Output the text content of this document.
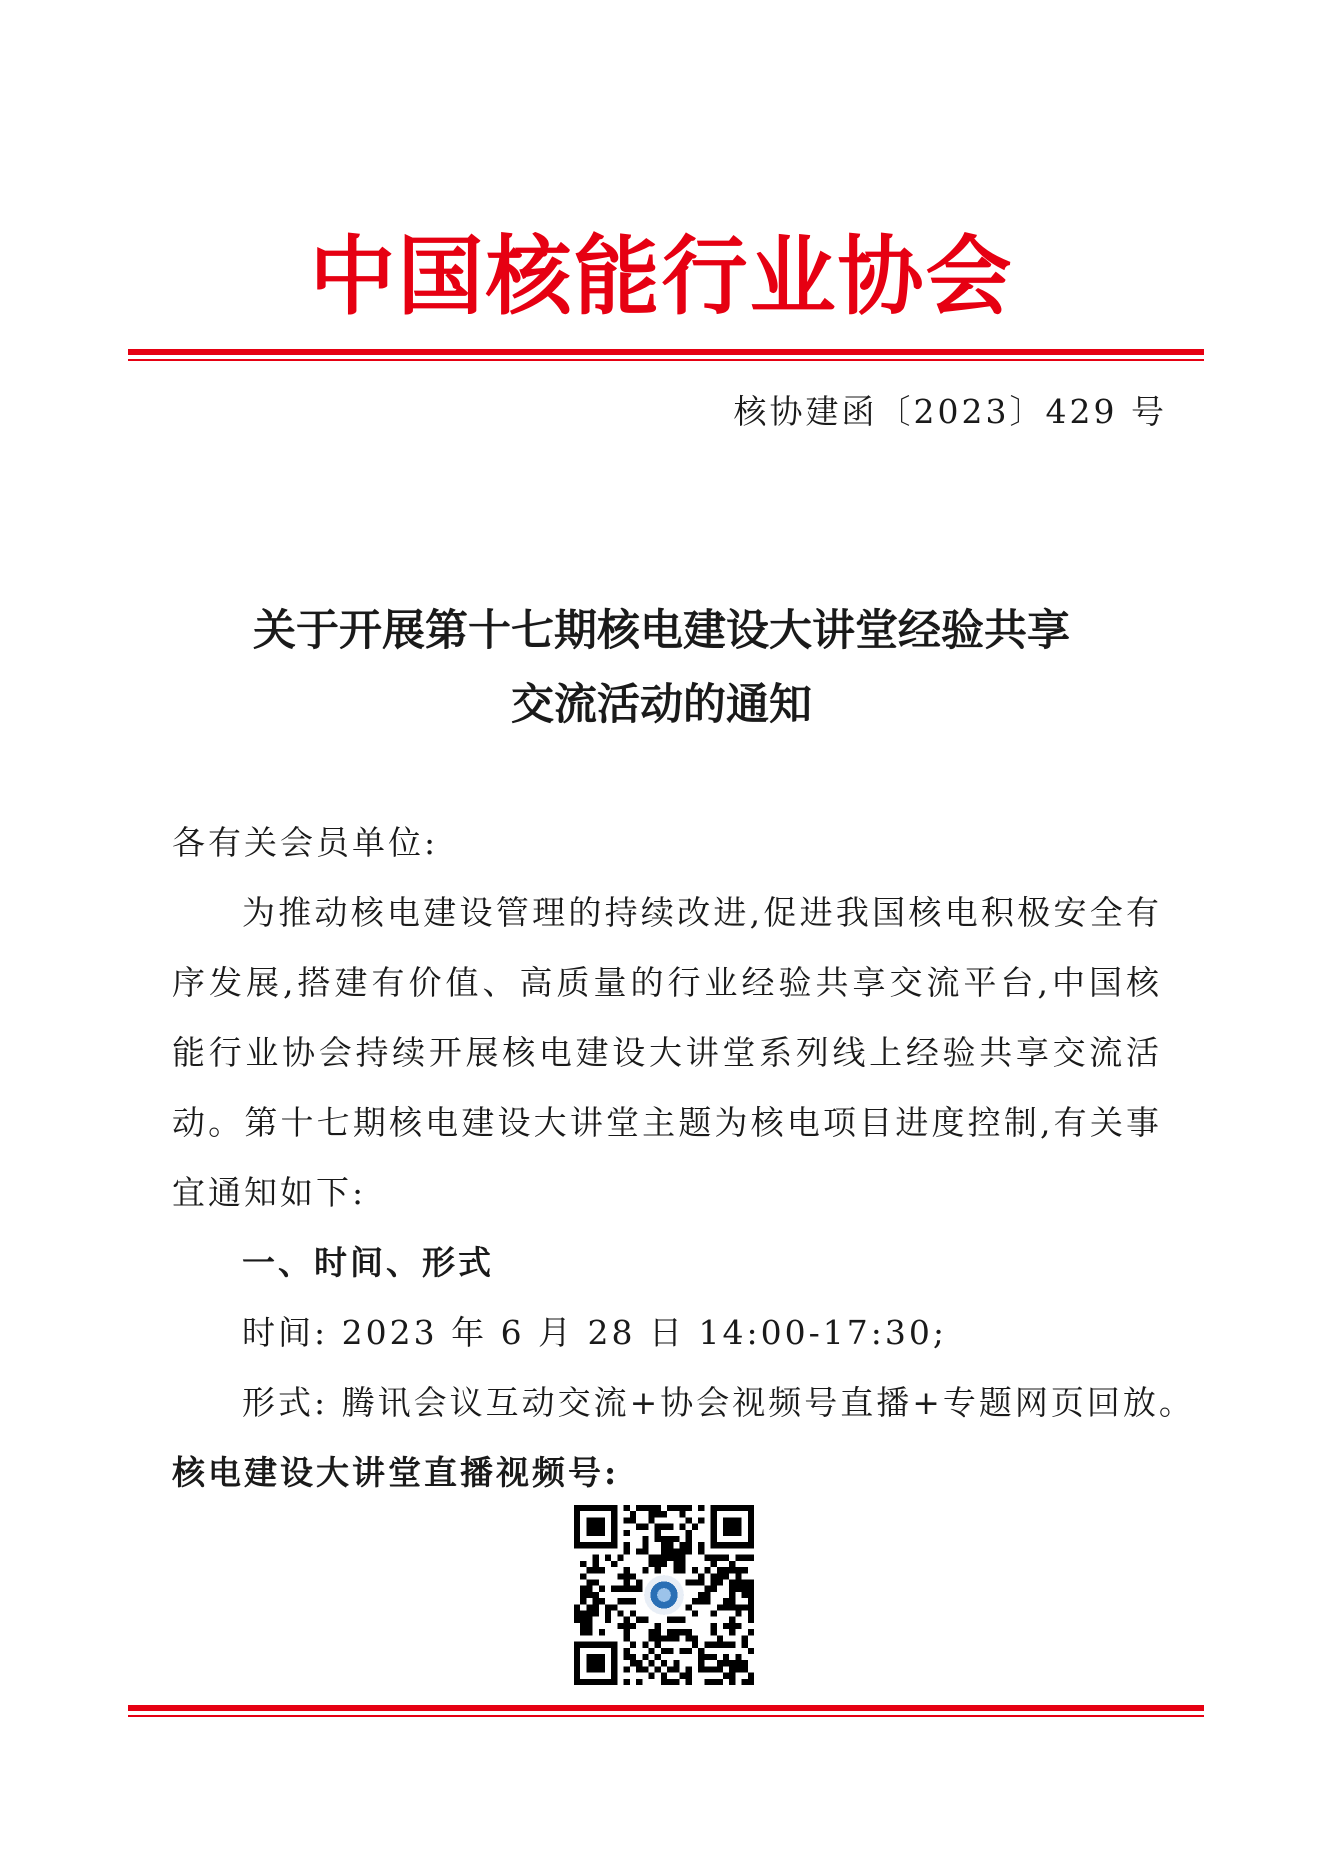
中国核能行业协会
核协建函〔2023〕429 号
关于开展第十七期核电建设大讲堂经验共享
交流活动的通知
各有关会员单位:
为推动核电建设管理的持续改进,促进我国核电积极安全有序发展,搭建有价值、高质量的行业经验共享交流平台,中国核能行业协会持续开展核电建设大讲堂系列线上经验共享交流活动。第十七期核电建设大讲堂主题为核电项目进度控制,有关事宜通知如下:
一、时间、形式
时间: 2023 年 6 月 28 日 14:00-17:30;
形式: 腾讯会议互动交流+协会视频号直播+专题网页回放。
核电建设大讲堂直播视频号:
